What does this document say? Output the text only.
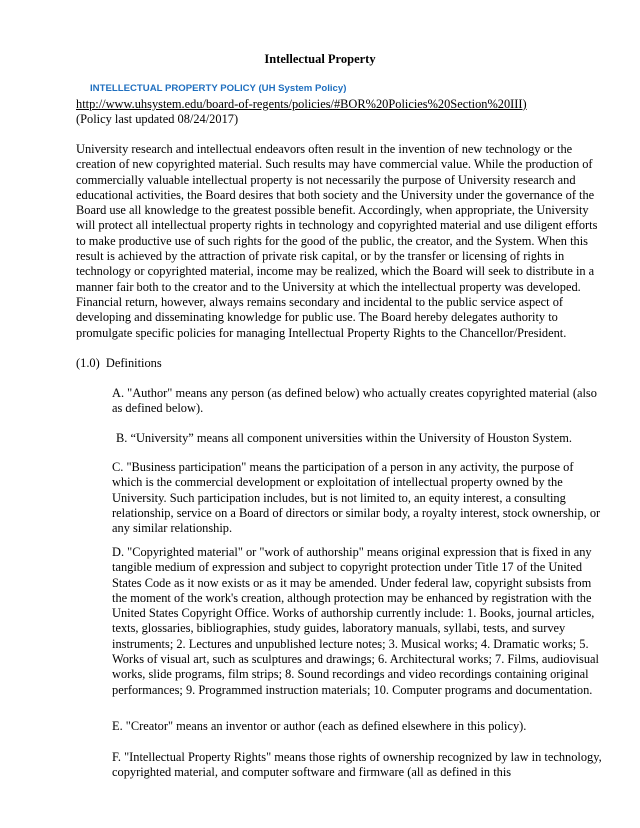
Intellectual Property
INTELLECTUAL PROPERTY POLICY (UH System Policy)
http://www.uhsystem.edu/board-of-regents/policies/#BOR%20Policies%20Section%20III)
(Policy last updated 08/24/2017)

University research and intellectual endeavors often result in the invention of new technology or the creation of new copyrighted material. Such results may have commercial value. While the production of commercially valuable intellectual property is not necessarily the purpose of University research and educational activities, the Board desires that both society and the University under the governance of the Board use all knowledge to the greatest possible benefit. Accordingly, when appropriate, the University will protect all intellectual property rights in technology and copyrighted material and use diligent efforts to make productive use of such rights for the good of the public, the creator, and the System. When this result is achieved by the attraction of private risk capital, or by the transfer or licensing of rights in technology or copyrighted material, income may be realized, which the Board will seek to distribute in a manner fair both to the creator and to the University at which the intellectual property was developed. Financial return, however, always remains secondary and incidental to the public service aspect of developing and disseminating knowledge for public use. The Board hereby delegates authority to promulgate specific policies for managing Intellectual Property Rights to the Chancellor/President.

(1.0)  Definitions

A. "Author" means any person (as defined below) who actually creates copyrighted material (also as defined below).

B. “University” means all component universities within the University of Houston System.

C. "Business participation" means the participation of a person in any activity, the purpose of which is the commercial development or exploitation of intellectual property owned by the University. Such participation includes, but is not limited to, an equity interest, a consulting relationship, service on a Board of directors or similar body, a royalty interest, stock ownership, or any similar relationship.

D. "Copyrighted material" or "work of authorship" means original expression that is fixed in any tangible medium of expression and subject to copyright protection under Title 17 of the United States Code as it now exists or as it may be amended. Under federal law, copyright subsists from the moment of the work's creation, although protection may be enhanced by registration with the United States Copyright Office. Works of authorship currently include: 1. Books, journal articles, texts, glossaries, bibliographies, study guides, laboratory manuals, syllabi, tests, and survey instruments; 2. Lectures and unpublished lecture notes; 3. Musical works; 4. Dramatic works; 5. Works of visual art, such as sculptures and drawings; 6. Architectural works; 7. Films, audiovisual works, slide programs, film strips; 8. Sound recordings and video recordings containing original performances; 9. Programmed instruction materials; 10. Computer programs and documentation.

E. "Creator" means an inventor or author (each as defined elsewhere in this policy).

F. "Intellectual Property Rights" means those rights of ownership recognized by law in technology, copyrighted material, and computer software and firmware (all as defined in this
